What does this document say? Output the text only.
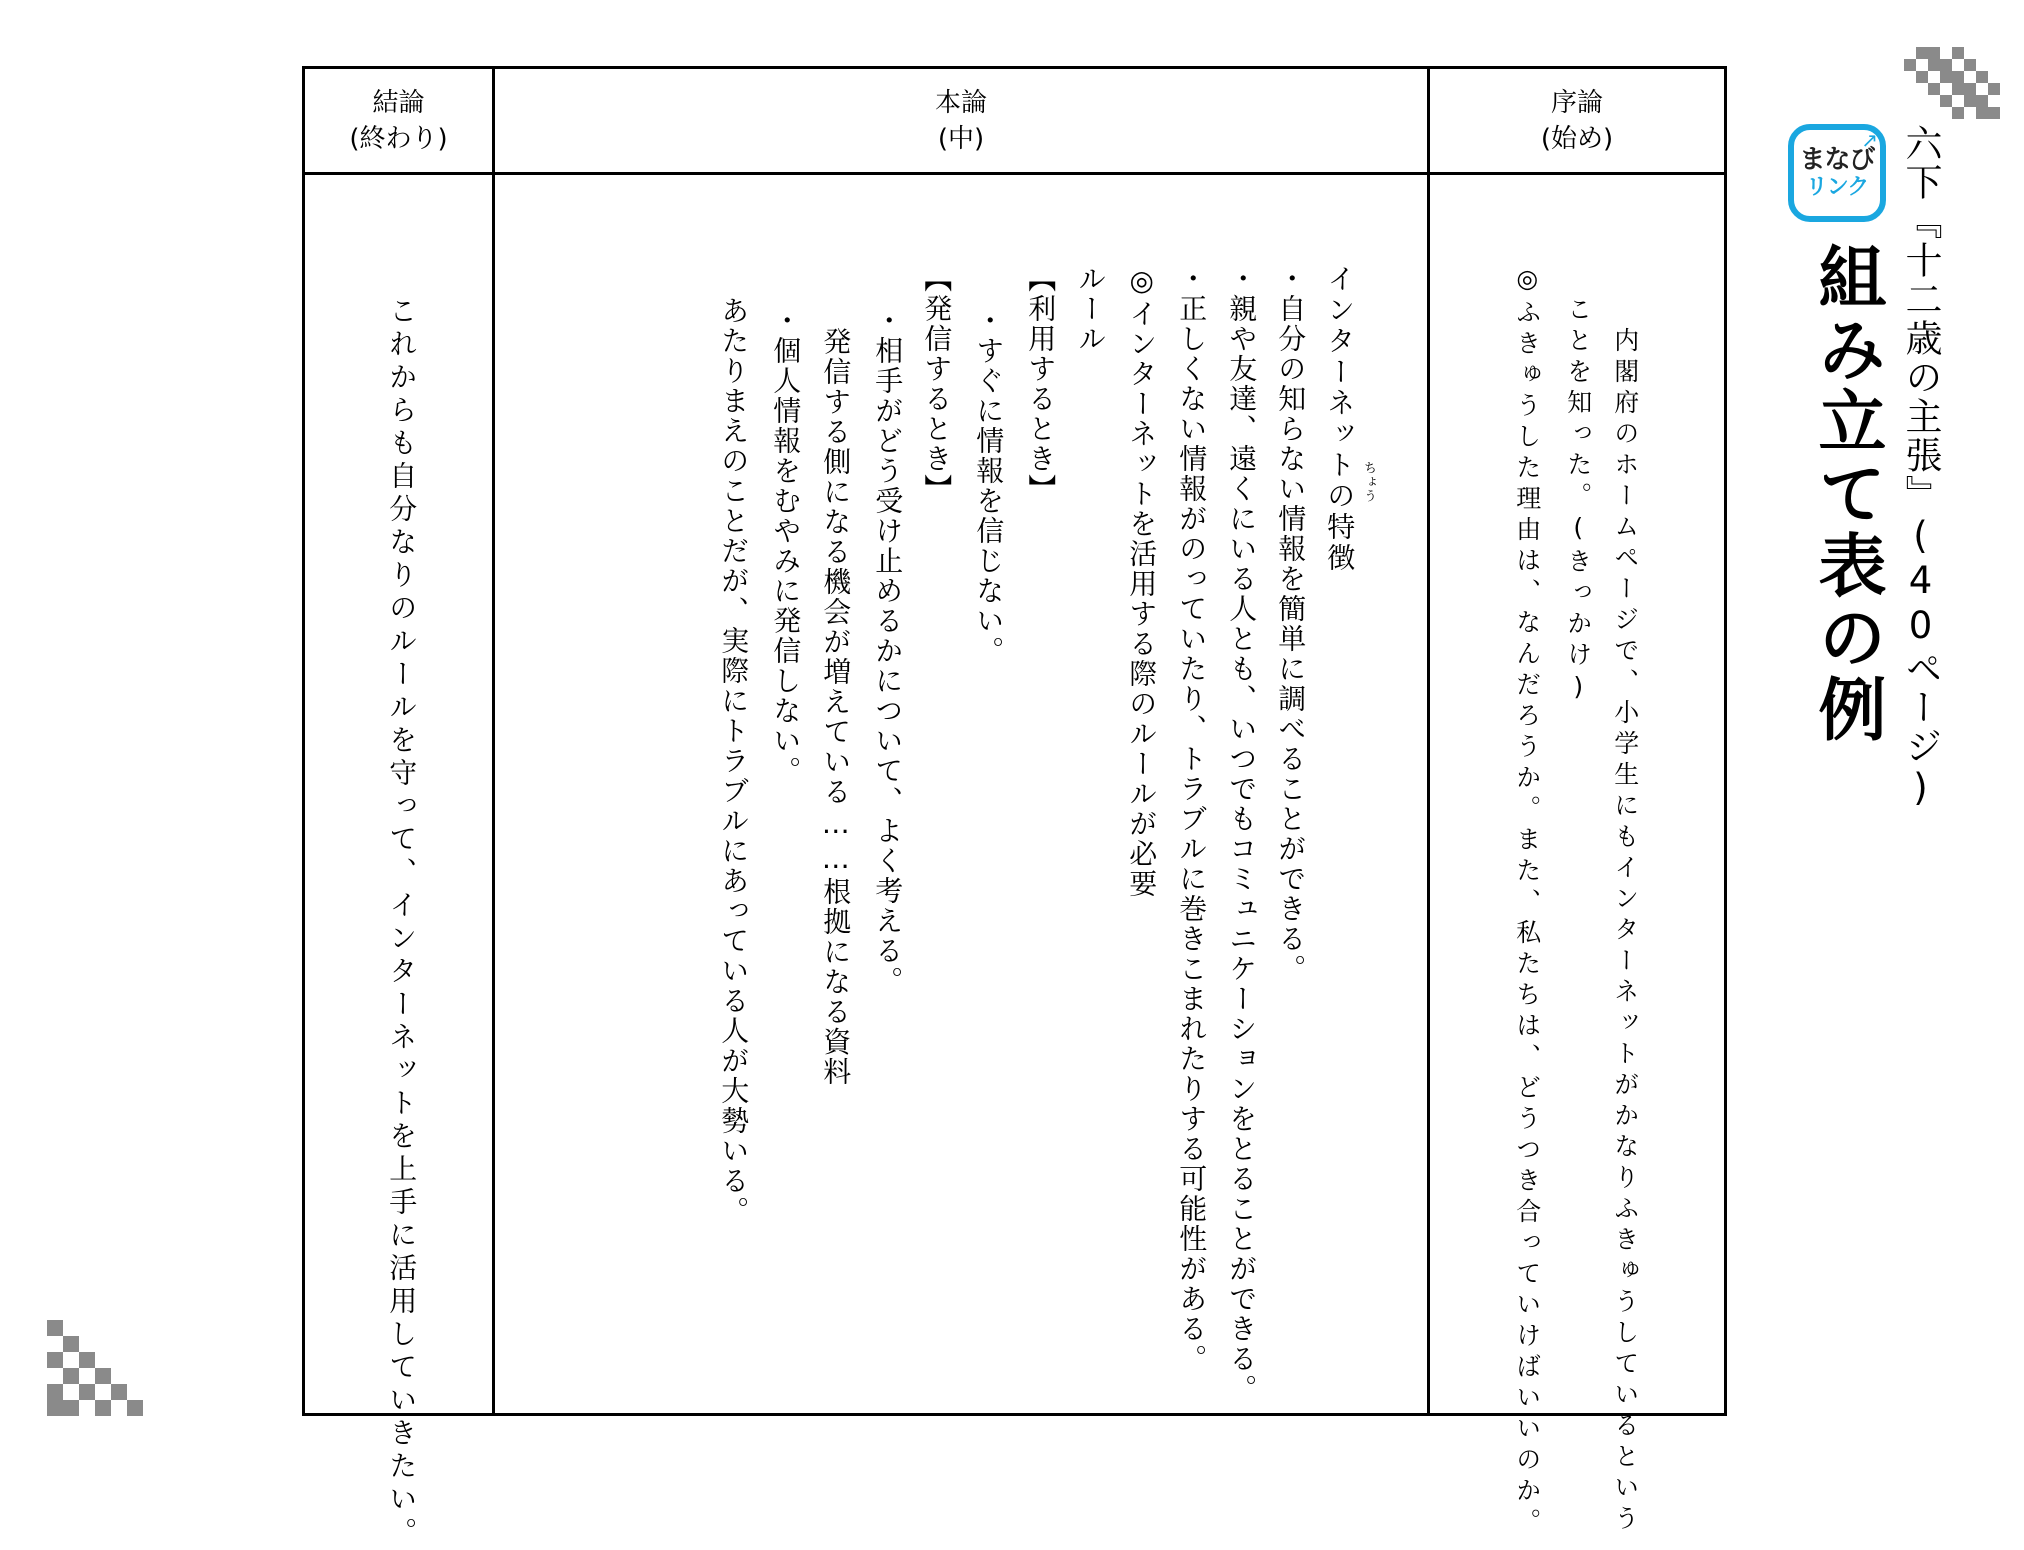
↗
まなび
リンク 六下『十二歳の主張』(40ページ)
組み立て表の例
結論
(終わり)
本論
(中)
序論
(始め)
内閣府のホームページで、小学生にもインターネットがかなりふきゅうしているという
ことを知った。(きっかけ)
◎ふきゅうした理由は、なんだろうか。また、私たちは、どうつき合っていけばいいのか。
インターネットの特徴 ちょう
・自分の知らない情報を簡単に調べることができる。
・親や友達、遠くにいる人とも、いつでもコミュニケーションをとることができる。
・正しくない情報がのっていたり、トラブルに巻きこまれたりする可能性がある。
◎インターネットを活用する際のルールが必要
ルール
【利用するとき】
・すぐに情報を信じない。
【発信するとき】
・相手がどう受け止めるかについて、よく考える。
発信する側になる機会が増えている……根拠になる資料
・個人情報をむやみに発信しない。
あたりまえのことだが、実際にトラブルにあっている人が大勢いる。
これからも自分なりのルールを守って、インターネットを上手に活用していきたい。
